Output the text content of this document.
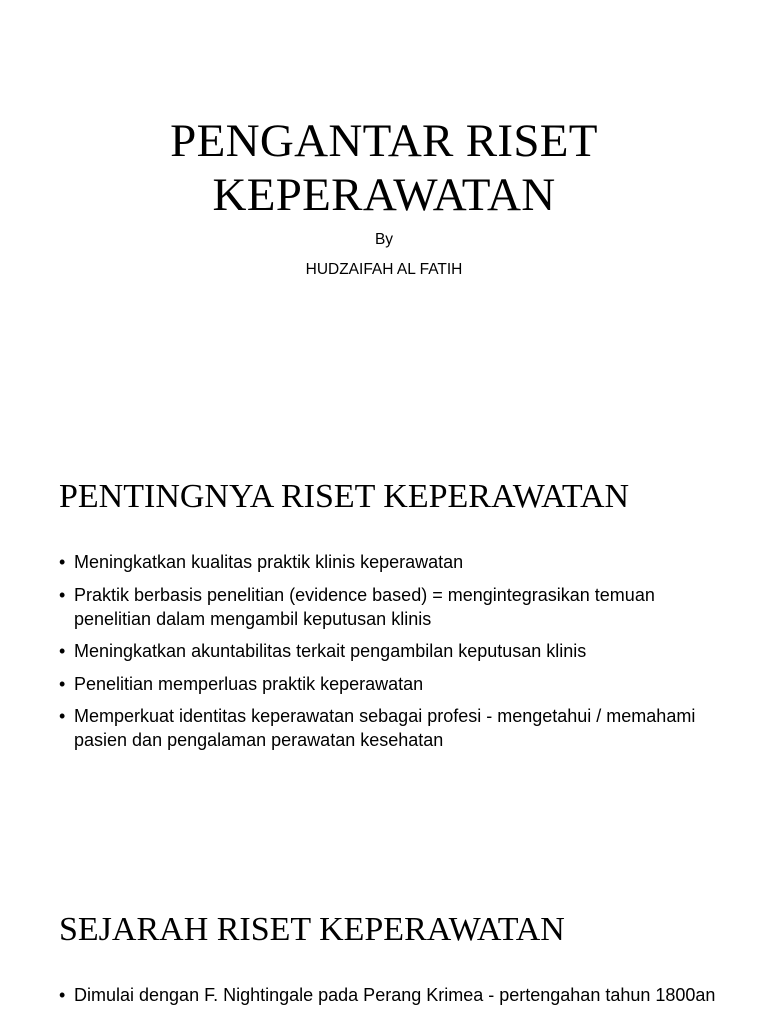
PENGANTAR RISET
KEPERAWATAN
By
HUDZAIFAH AL FATIH
PENTINGNYA RISET KEPERAWATAN
• Meningkatkan kualitas praktik klinis keperawatan
• Praktik berbasis penelitian (evidence based) = mengintegrasikan temuan penelitian dalam mengambil keputusan klinis
• Meningkatkan akuntabilitas terkait pengambilan keputusan klinis
• Penelitian memperluas praktik keperawatan
• Memperkuat identitas keperawatan sebagai profesi - mengetahui / memahami pasien dan pengalaman perawatan kesehatan
SEJARAH RISET KEPERAWATAN
• Dimulai dengan F. Nightingale pada Perang Krimea - pertengahan tahun 1800an
